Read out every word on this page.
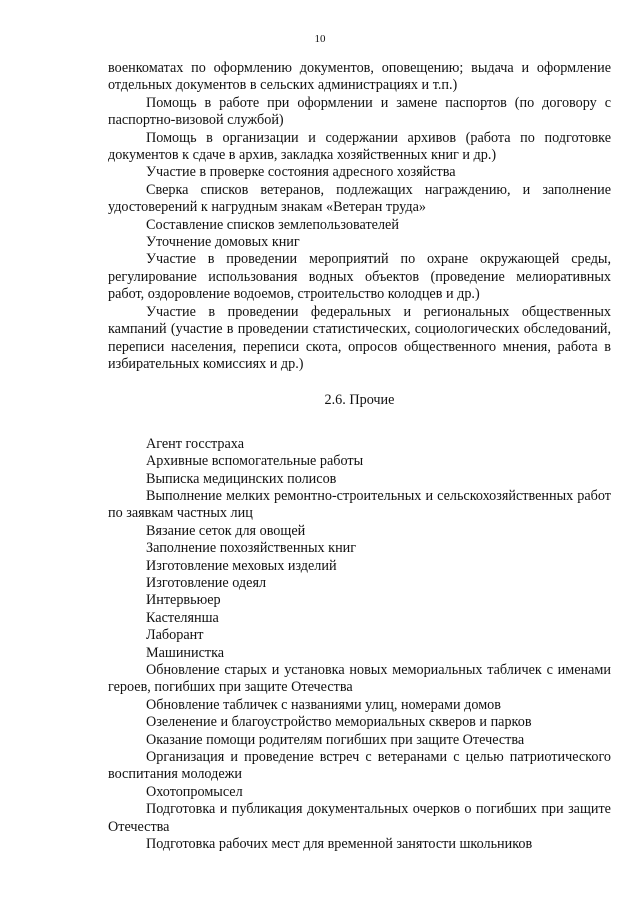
10

военкоматах по оформлению документов, оповещению; выдача и оформление отдельных документов в сельских администрациях и т.п.)

Помощь в работе при оформлении и замене паспортов (по договору с паспортно-визовой службой)

Помощь в организации и содержании архивов (работа по подготовке документов к сдаче в архив, закладка хозяйственных книг и др.)

Участие в проверке состояния адресного хозяйства

Сверка списков ветеранов, подлежащих награждению, и заполнение удостоверений к нагрудным знакам «Ветеран труда»

Составление списков землепользователей

Уточнение домовых книг

Участие в проведении мероприятий по охране окружающей среды, регулирование использования водных объектов (проведение мелиоративных работ, оздоровление водоемов, строительство колодцев и др.)

Участие в проведении федеральных и региональных общественных кампаний (участие в проведении статистических, социологических обследований, переписи населения, переписи скота, опросов общественного мнения, работа в избирательных комиссиях и др.)

2.6. Прочие

Агент госстраха

Архивные вспомогательные работы

Выписка медицинских полисов

Выполнение мелких ремонтно-строительных и сельскохозяйственных работ по заявкам частных лиц

Вязание сеток для овощей

Заполнение похозяйственных книг

Изготовление меховых изделий

Изготовление одеял

Интервьюер

Кастелянша

Лаборант

Машинистка

Обновление старых и установка новых мемориальных табличек с именами героев, погибших при защите Отечества

Обновление табличек с названиями улиц, номерами домов

Озеленение и благоустройство мемориальных скверов и парков

Оказание помощи родителям погибших при защите Отечества

Организация и проведение встреч с ветеранами с целью патриотического воспитания молодежи

Охотопромысел

Подготовка и публикация документальных очерков о погибших при защите Отечества

Подготовка рабочих мест для временной занятости школьников
